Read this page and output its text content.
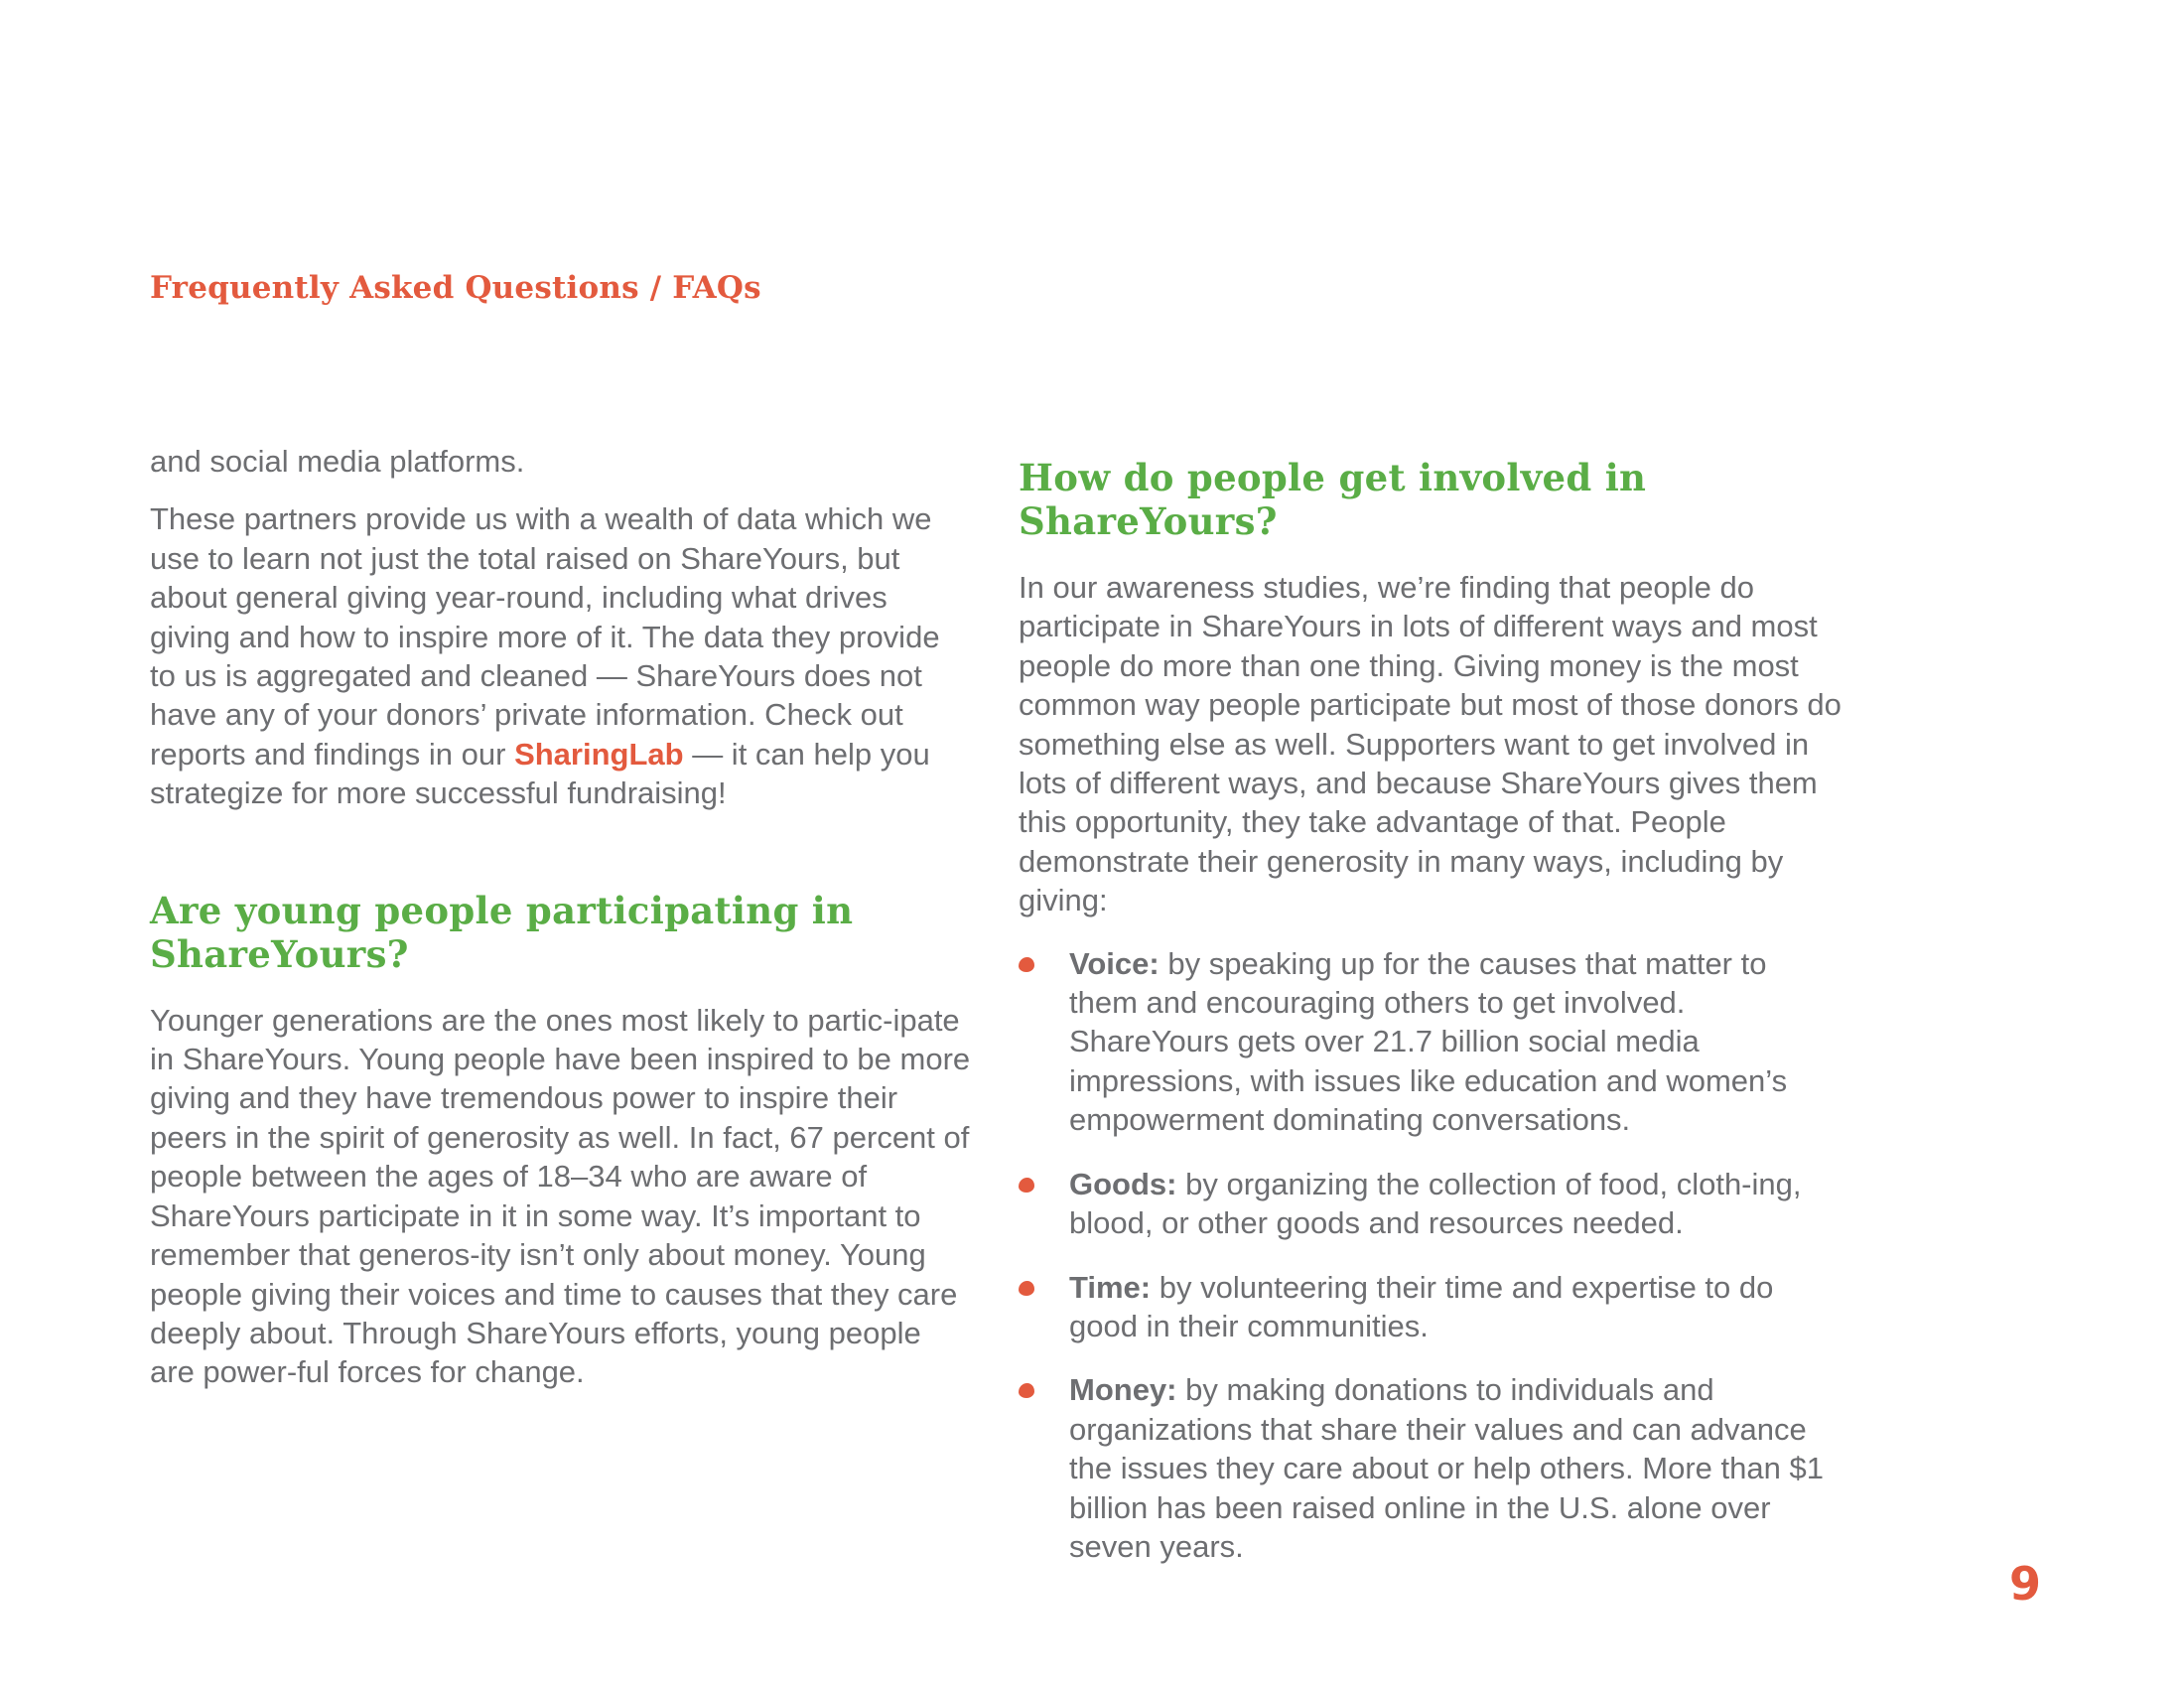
Frequently Asked Questions / FAQs

and social media platforms.

These partners provide us with a wealth of data which we use to learn not just the total raised on ShareYours, but about general giving year-round, including what drives giving and how to inspire more of it. The data they provide to us is aggregated and cleaned — ShareYours does not have any of your donors’ private information. Check out reports and findings in our SharingLab — it can help you strategize for more successful fundraising!

Are young people participating in ShareYours?

Younger generations are the ones most likely to partic-ipate in ShareYours. Young people have been inspired to be more giving and they have tremendous power to inspire their peers in the spirit of generosity as well. In fact, 67 percent of people between the ages of 18–34 who are aware of ShareYours participate in it in some way. It’s important to remember that generos-ity isn’t only about money. Young people giving their voices and time to causes that they care deeply about. Through ShareYours efforts, young people are power-ful forces for change.

How do people get involved in ShareYours?

In our awareness studies, we’re finding that people do participate in ShareYours in lots of different ways and most people do more than one thing. Giving money is the most common way people participate but most of those donors do something else as well. Supporters want to get involved in lots of different ways, and because ShareYours gives them this opportunity, they take advantage of that. People demonstrate their generosity in many ways, including by giving:

Voice: by speaking up for the causes that matter to them and encouraging others to get involved. ShareYours gets over 21.7 billion social media impressions, with issues like education and women’s empowerment dominating conversations.
Goods: by organizing the collection of food, cloth-ing, blood, or other goods and resources needed.
Time: by volunteering their time and expertise to do good in their communities.
Money: by making donations to individuals and organizations that share their values and can advance the issues they care about or help others. More than $1 billion has been raised online in the U.S. alone over seven years.
9
